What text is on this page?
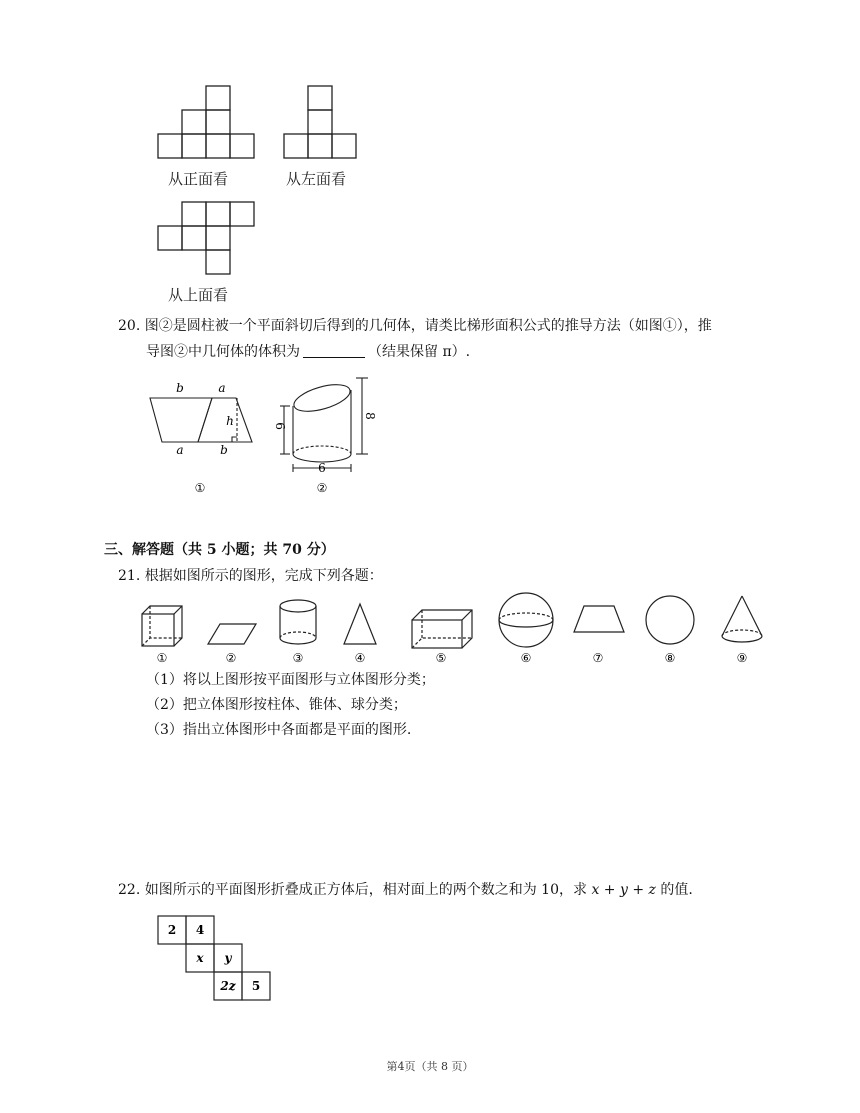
从正面看	从左面看
从上面看
20. 图②是圆柱被一个平面斜切后得到的几何体，请类比梯形面积公式的推导方法（如图①），推
导图②中几何体的体积为	（结果保留 π）.
b	a
h
a	b
①
6
8
6
②
三、解答题（共 5 小题；共 70 分）
21. 根据如图所示的图形，完成下列各题：
①	②	③	④	⑤	⑥	⑦	⑧	⑨
（1）将以上图形按平面图形与立体图形分类；
（2）把立体图形按柱体、锥体、球分类；
（3）指出立体图形中各面都是平面的图形.
22. 如图所示的平面图形折叠成正方体后，相对面上的两个数之和为 10，求 x + y + z 的值.
2 4
x y
2z 5
第4页（共 8 页）
